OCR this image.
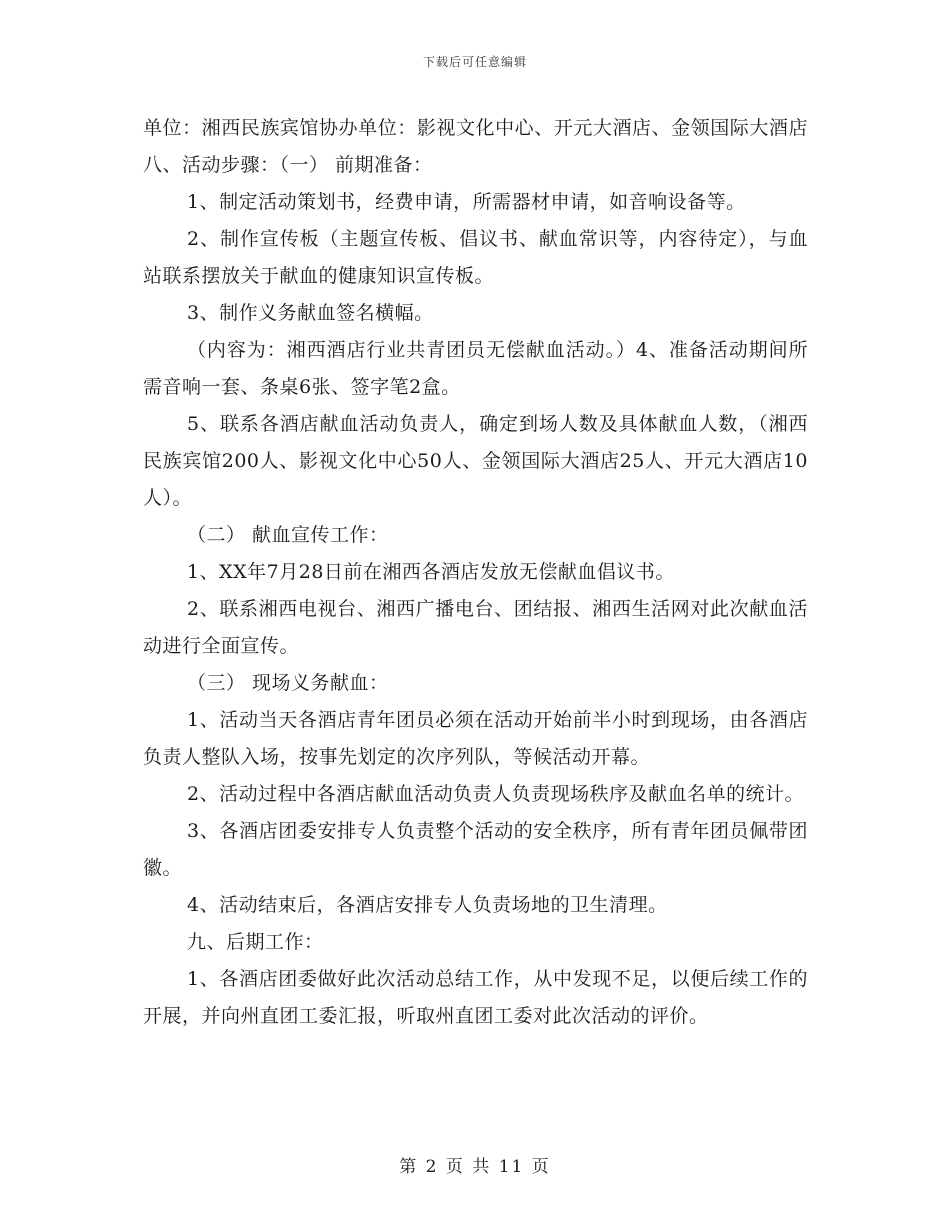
下载后可任意编辑

单位：湘西民族宾馆协办单位：影视文化中心、开元大酒店、金领国际大酒店八、活动步骤：（一） 前期准备：

1、制定活动策划书，经费申请，所需器材申请，如音响设备等。

2、制作宣传板（主题宣传板、倡议书、献血常识等，内容待定），与血站联系摆放关于献血的健康知识宣传板。

3、制作义务献血签名横幅。

（内容为：湘西酒店行业共青团员无偿献血活动。）4、准备活动期间所需音响一套、条桌6张、签字笔2盒。

5、联系各酒店献血活动负责人，确定到场人数及具体献血人数，（湘西民族宾馆200人、影视文化中心50人、金领国际大酒店25人、开元大酒店10人）。

（二） 献血宣传工作：

1、XX年7月28日前在湘西各酒店发放无偿献血倡议书。

2、联系湘西电视台、湘西广播电台、团结报、湘西生活网对此次献血活动进行全面宣传。

（三） 现场义务献血：

1、活动当天各酒店青年团员必须在活动开始前半小时到现场，由各酒店负责人整队入场，按事先划定的次序列队，等候活动开幕。

2、活动过程中各酒店献血活动负责人负责现场秩序及献血名单的统计。

3、各酒店团委安排专人负责整个活动的安全秩序，所有青年团员佩带团徽。

4、活动结束后，各酒店安排专人负责场地的卫生清理。

九、后期工作：

1、各酒店团委做好此次活动总结工作，从中发现不足，以便后续工作的开展，并向州直团工委汇报，听取州直团工委对此次活动的评价。

第 2 页 共 11 页
